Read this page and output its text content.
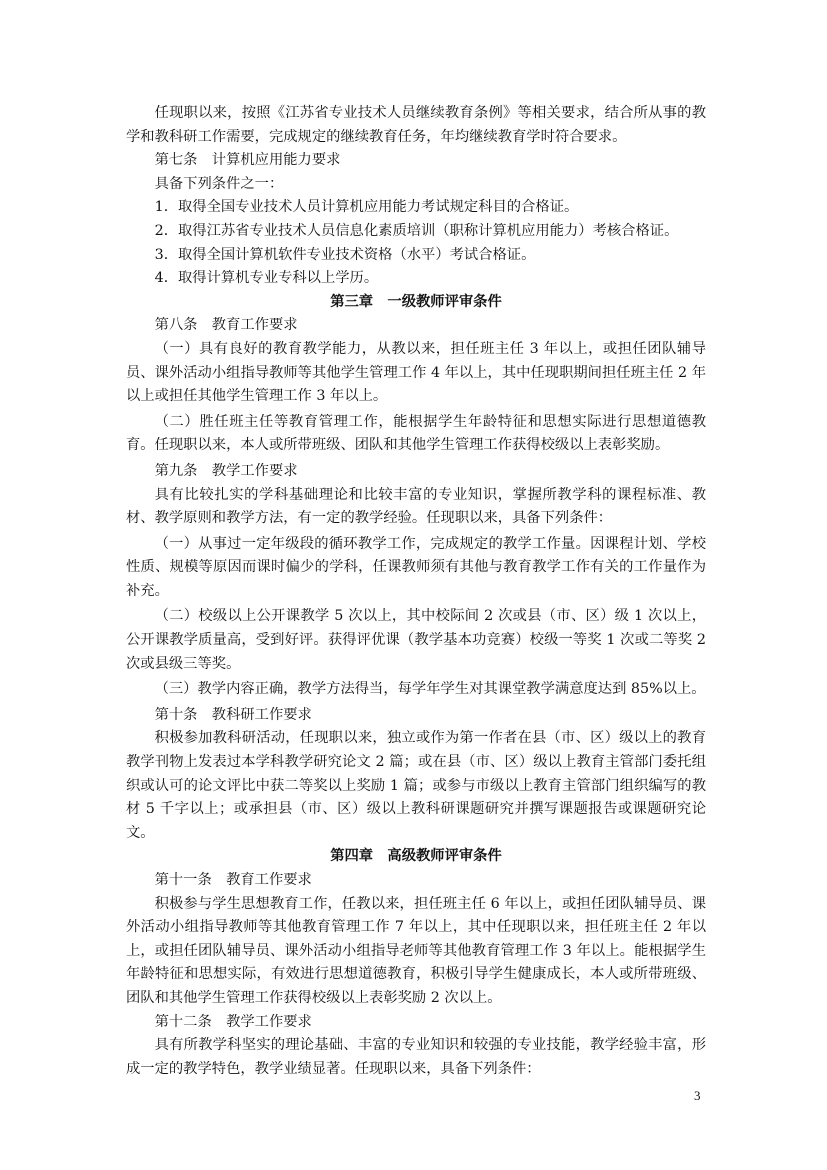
任现职以来，按照《江苏省专业技术人员继续教育条例》等相关要求，结合所从事的教学和教科研工作需要，完成规定的继续教育任务，年均继续教育学时符合要求。

第七条　计算机应用能力要求

具备下列条件之一：

1．取得全国专业技术人员计算机应用能力考试规定科目的合格证。

2．取得江苏省专业技术人员信息化素质培训（职称计算机应用能力）考核合格证。

3．取得全国计算机软件专业技术资格（水平）考试合格证。

4．取得计算机专业专科以上学历。

第三章　一级教师评审条件

第八条　教育工作要求

（一）具有良好的教育教学能力，从教以来，担任班主任 3 年以上，或担任团队辅导员、课外活动小组指导教师等其他学生管理工作 4 年以上，其中任现职期间担任班主任 2 年以上或担任其他学生管理工作 3 年以上。

（二）胜任班主任等教育管理工作，能根据学生年龄特征和思想实际进行思想道德教育。任现职以来，本人或所带班级、团队和其他学生管理工作获得校级以上表彰奖励。

第九条　教学工作要求

具有比较扎实的学科基础理论和比较丰富的专业知识，掌握所教学科的课程标准、教材、教学原则和教学方法，有一定的教学经验。任现职以来，具备下列条件：

（一）从事过一定年级段的循环教学工作，完成规定的教学工作量。因课程计划、学校性质、规模等原因而课时偏少的学科，任课教师须有其他与教育教学工作有关的工作量作为补充。

（二）校级以上公开课教学 5 次以上，其中校际间 2 次或县（市、区）级 1 次以上，公开课教学质量高，受到好评。获得评优课（教学基本功竞赛）校级一等奖 1 次或二等奖 2 次或县级三等奖。

（三）教学内容正确，教学方法得当，每学年学生对其课堂教学满意度达到 85%以上。

第十条　教科研工作要求

积极参加教科研活动，任现职以来，独立或作为第一作者在县（市、区）级以上的教育教学刊物上发表过本学科教学研究论文 2 篇；或在县（市、区）级以上教育主管部门委托组织或认可的论文评比中获二等奖以上奖励 1 篇；或参与市级以上教育主管部门组织编写的教材 5 千字以上；或承担县（市、区）级以上教科研课题研究并撰写课题报告或课题研究论文。

第四章　高级教师评审条件

第十一条　教育工作要求

积极参与学生思想教育工作，任教以来，担任班主任 6 年以上，或担任团队辅导员、课外活动小组指导教师等其他教育管理工作 7 年以上，其中任现职以来，担任班主任 2 年以上，或担任团队辅导员、课外活动小组指导老师等其他教育管理工作 3 年以上。能根据学生年龄特征和思想实际，有效进行思想道德教育，积极引导学生健康成长，本人或所带班级、团队和其他学生管理工作获得校级以上表彰奖励 2 次以上。

第十二条　教学工作要求

具有所教学科坚实的理论基础、丰富的专业知识和较强的专业技能，教学经验丰富，形成一定的教学特色，教学业绩显著。任现职以来，具备下列条件：

3
